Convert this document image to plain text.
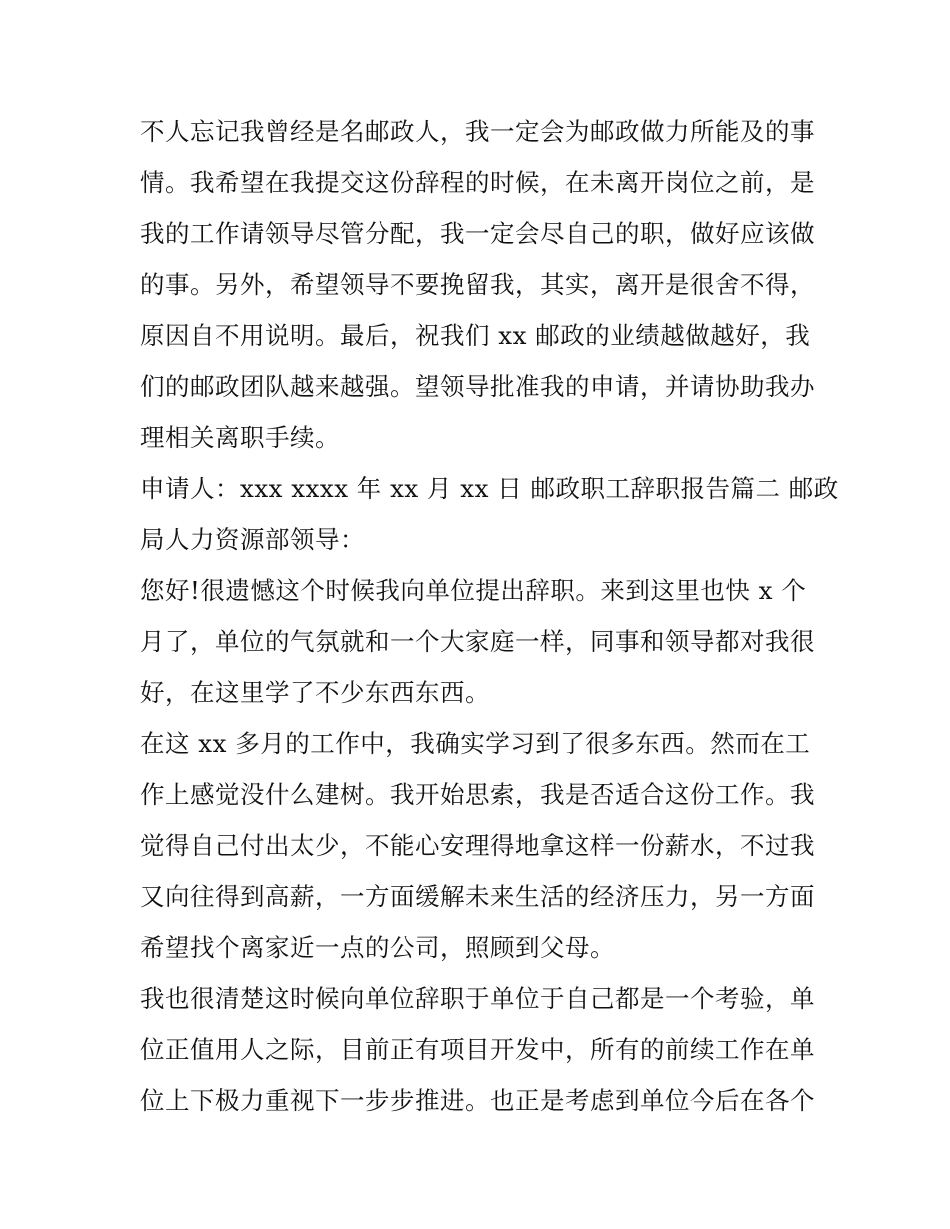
不人忘记我曾经是名邮政人，我一定会为邮政做力所能及的事
情。我希望在我提交这份辞程的时候，在未离开岗位之前，是
我的工作请领导尽管分配，我一定会尽自己的职，做好应该做
的事。另外，希望领导不要挽留我，其实，离开是很舍不得，
原因自不用说明。最后，祝我们 xx 邮政的业绩越做越好，我
们的邮政团队越来越强。望领导批准我的申请，并请协助我办
理相关离职手续。
申请人：xxx xxxx 年 xx 月 xx 日 邮政职工辞职报告篇二 邮政
局人力资源部领导：
您好!很遗憾这个时候我向单位提出辞职。来到这里也快 x 个
月了，单位的气氛就和一个大家庭一样，同事和领导都对我很
好，在这里学了不少东西东西。
在这 xx 多月的工作中，我确实学习到了很多东西。然而在工
作上感觉没什么建树。我开始思索，我是否适合这份工作。我
觉得自己付出太少，不能心安理得地拿这样一份薪水，不过我
又向往得到高薪，一方面缓解未来生活的经济压力，另一方面
希望找个离家近一点的公司，照顾到父母。
我也很清楚这时候向单位辞职于单位于自己都是一个考验，单
位正值用人之际，目前正有项目开发中，所有的前续工作在单
位上下极力重视下一步步推进。也正是考虑到单位今后在各个
